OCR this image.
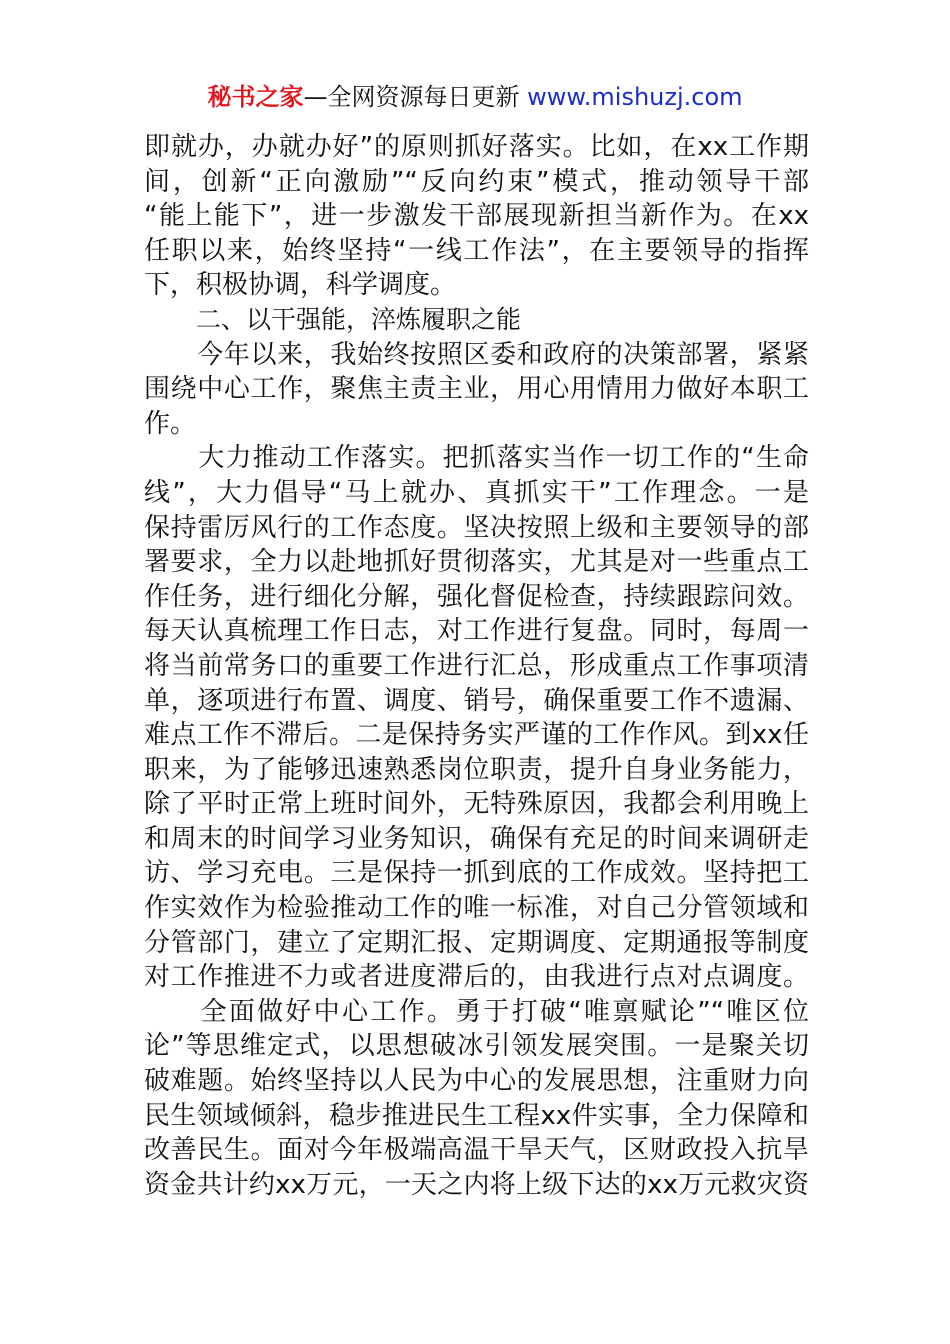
秘书之家—全网资源每日更新 www.mishuzj.com
即就办，办就办好”的原则抓好落实。比如，在xx工作期
间，创新“正向激励”“反向约束”模式，推动领导干部
“能上能下”，进一步激发干部展现新担当新作为。在xx
任职以来，始终坚持“一线工作法”，在主要领导的指挥
下，积极协调，科学调度。
二、以干强能，淬炼履职之能
　　今年以来，我始终按照区委和政府的决策部署，紧紧
围绕中心工作，聚焦主责主业，用心用情用力做好本职工
作。
　　大力推动工作落实。把抓落实当作一切工作的“生命
线”，大力倡导“马上就办、真抓实干”工作理念。一是
保持雷厉风行的工作态度。坚决按照上级和主要领导的部
署要求，全力以赴地抓好贯彻落实，尤其是对一些重点工
作任务，进行细化分解，强化督促检查，持续跟踪问效。
每天认真梳理工作日志，对工作进行复盘。同时，每周一
将当前常务口的重要工作进行汇总，形成重点工作事项清
单，逐项进行布置、调度、销号，确保重要工作不遗漏、
难点工作不滞后。二是保持务实严谨的工作作风。到xx任
职来，为了能够迅速熟悉岗位职责，提升自身业务能力，
除了平时正常上班时间外，无特殊原因，我都会利用晚上
和周末的时间学习业务知识，确保有充足的时间来调研走
访、学习充电。三是保持一抓到底的工作成效。坚持把工
作实效作为检验推动工作的唯一标准，对自己分管领域和
分管部门，建立了定期汇报、定期调度、定期通报等制度
对工作推进不力或者进度滞后的，由我进行点对点调度。
　　全面做好中心工作。勇于打破“唯禀赋论”“唯区位
论”等思维定式，以思想破冰引领发展突围。一是聚关切
破难题。始终坚持以人民为中心的发展思想，注重财力向
民生领域倾斜，稳步推进民生工程xx件实事，全力保障和
改善民生。面对今年极端高温干旱天气，区财政投入抗旱
资金共计约xx万元，一天之内将上级下达的xx万元救灾资
